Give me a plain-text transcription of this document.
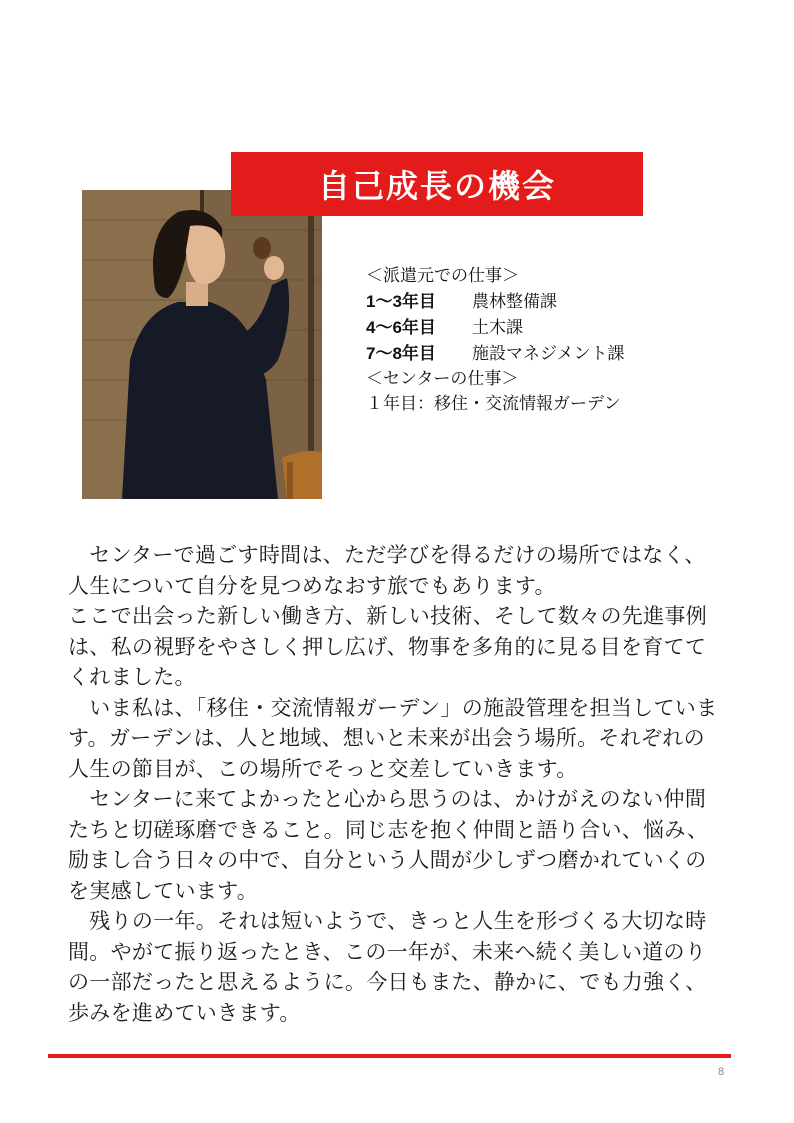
自己成長の機会
＜派遣元での仕事＞
1～3年目 農林整備課
4～6年目 土木課
7～8年目 施設マネジメント課
＜センターの仕事＞
１年目：移住・交流情報ガーデン

　センターで過ごす時間は、ただ学びを得るだけの場所ではなく、人生について自分を見つめなおす旅でもあります。

ここで出会った新しい働き方、新しい技術、そして数々の先進事例は、私の視野をやさしく押し広げ、物事を多角的に見る目を育ててくれました。

　いま私は、「移住・交流情報ガーデン」の施設管理を担当しています。ガーデンは、人と地域、想いと未来が出会う場所。それぞれの人生の節目が、この場所でそっと交差していきます。

　センターに来てよかったと心から思うのは、かけがえのない仲間たちと切磋琢磨できること。同じ志を抱く仲間と語り合い、悩み、励まし合う日々の中で、自分という人間が少しずつ磨かれていくのを実感しています。

　残りの一年。それは短いようで、きっと人生を形づくる大切な時間。やがて振り返ったとき、この一年が、未来へ続く美しい道のりの一部だったと思えるように。今日もまた、静かに、でも力強く、歩みを進めていきます。

8
